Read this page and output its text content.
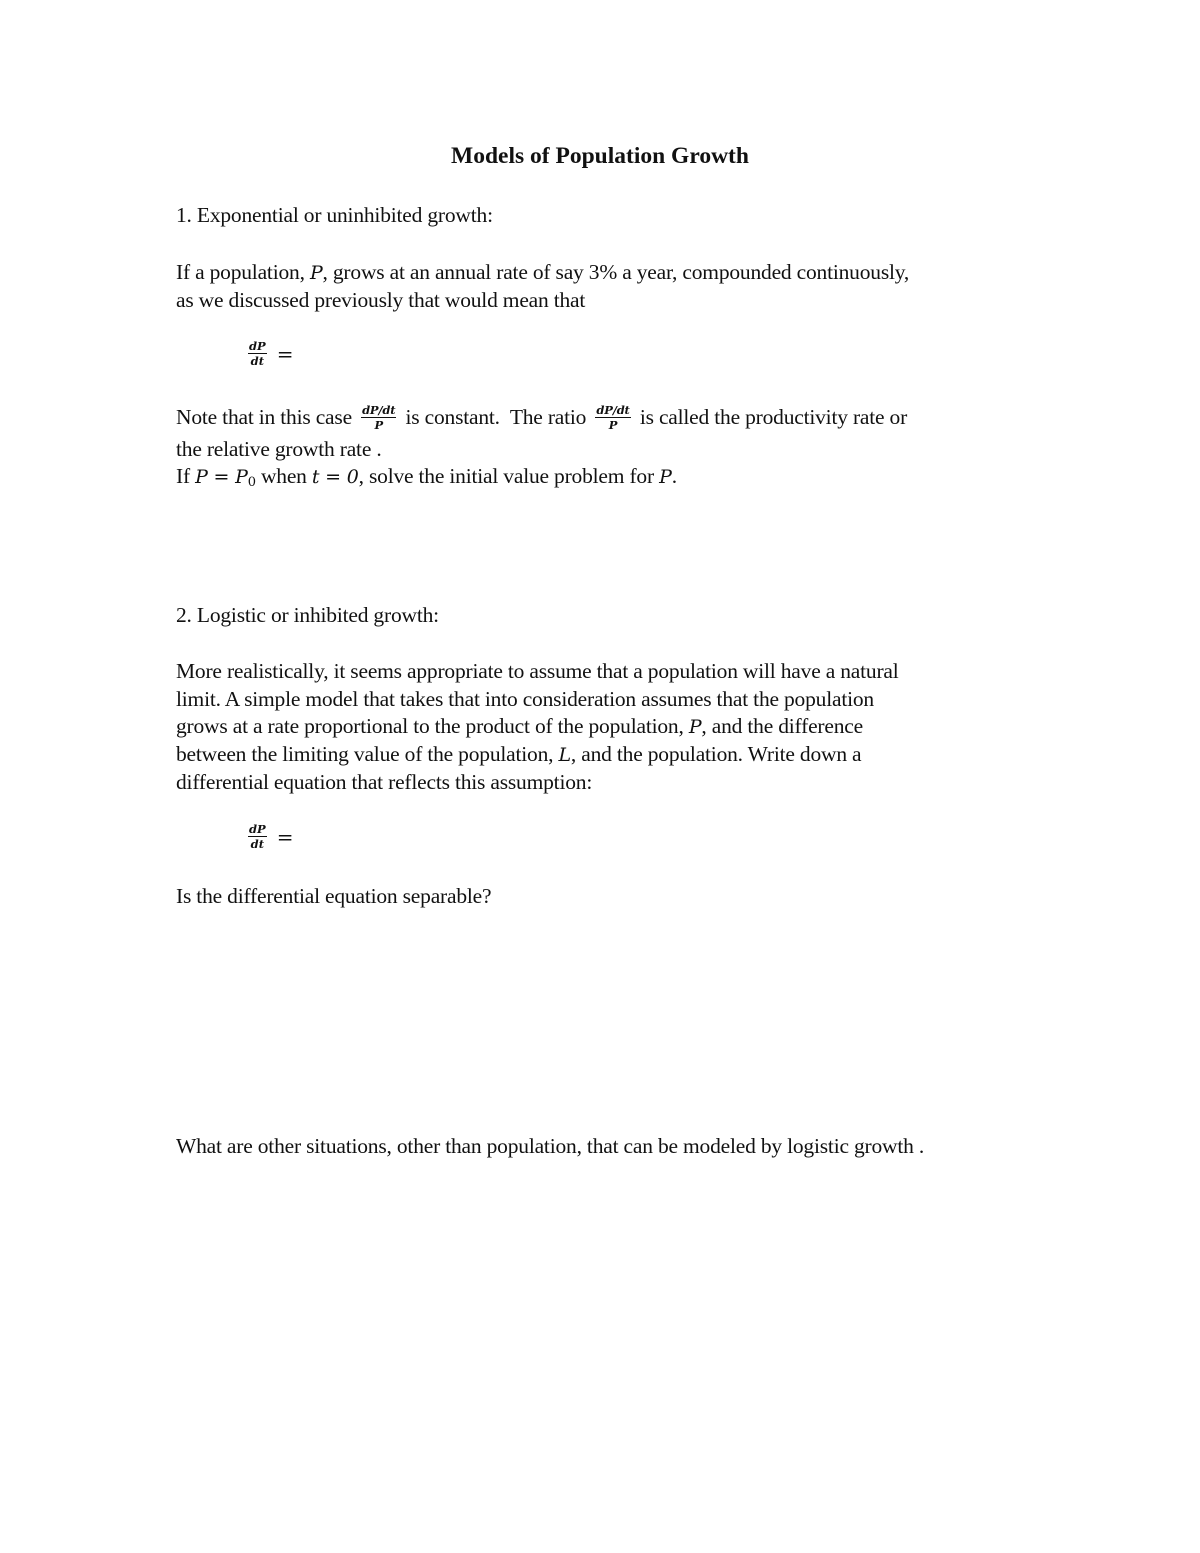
Models of Population Growth
1. Exponential or uninhibited growth:
If a population, P, grows at an annual rate of say 3% a year, compounded continuously,
as we discussed previously that would mean that
$\frac{dP}{dt}$ =
Note that in this case $\frac{dP/dt}{P}$ is constant.  The ratio $\frac{dP/dt}{P}$ is called the productivity rate or
the relative growth rate .
If $P = P_0$ when t = 0, solve the initial value problem for P.
2. Logistic or inhibited growth:
More realistically, it seems appropriate to assume that a population will have a natural
limit. A simple model that takes that into consideration assumes that the population
grows at a rate proportional to the product of the population, P, and the difference
between the limiting value of the population, L, and the population. Write down a
differential equation that reflects this assumption:
$\frac{dP}{dt}$ =
Is the differential equation separable?
What are other situations, other than population, that can be modeled by logistic growth .
